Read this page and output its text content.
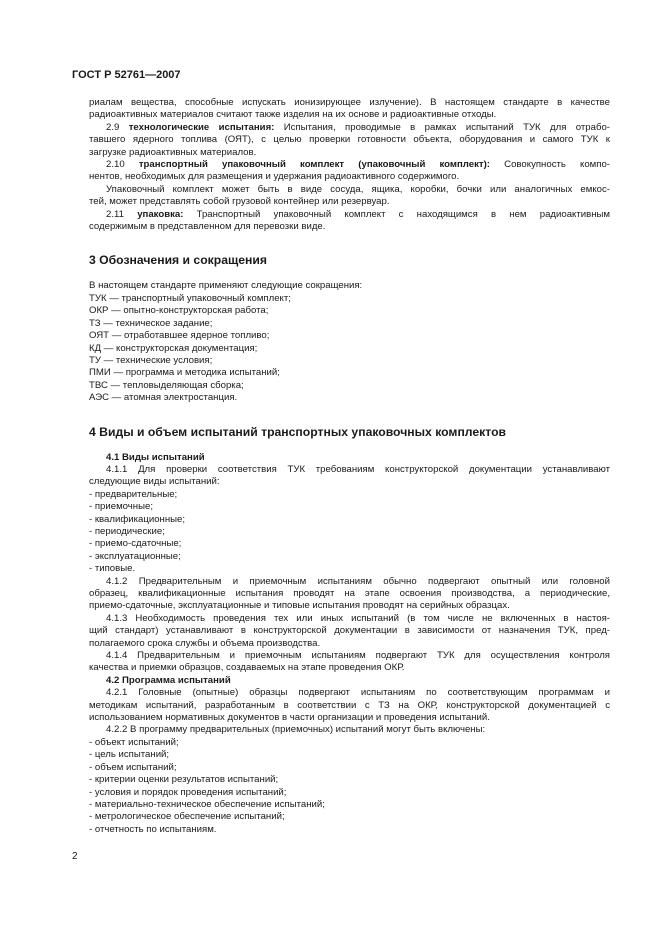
ГОСТ Р 52761—2007

риалам вещества, способные испускать ионизирующее излучение). В настоящем стандарте в качестве
радиоактивных материалов считают также изделия на их основе и радиоактивные отходы.

2.9 технологические испытания: Испытания, проводимые в рамках испытаний ТУК для отрабо-
тавшего ядерного топлива (ОЯТ), с целью проверки готовности объекта, оборудования и самого ТУК к
загрузке радиоактивных материалов.

2.10 транспортный упаковочный комплект (упаковочный комплект): Совокупность компо-
нентов, необходимых для размещения и удержания радиоактивного содержимого.

Упаковочный комплект может быть в виде сосуда, ящика, коробки, бочки или аналогичных емкос-
тей, может представлять собой грузовой контейнер или резервуар.

2.11 упаковка: Транспортный упаковочный комплект с находящимся в нем радиоактивным
содержимым в представленном для перевозки виде.

3 Обозначения и сокращения

В настоящем стандарте применяют следующие сокращения:

ТУК — транспортный упаковочный комплект;
ОКР — опытно-конструкторская работа;
ТЗ — техническое задание;
ОЯТ — отработавшее ядерное топливо;
КД — конструкторская документация;
ТУ — технические условия;
ПМИ — программа и методика испытаний;
ТВС — тепловыделяющая сборка;
АЭС — атомная электростанция.
4 Виды и объем испытаний транспортных упаковочных комплектов
4.1 Виды испытаний

4.1.1 Для проверки соответствия ТУК требованиям конструкторской документации устанавливают
следующие виды испытаний:

- предварительные;
- приемочные;
- квалификационные;
- периодические;
- приемо-сдаточные;
- эксплуатационные;
- типовые.

4.1.2 Предварительным и приемочным испытаниям обычно подвергают опытный или головной
образец, квалификационные испытания проводят на этапе освоения производства, а периодические,
приемо-сдаточные, эксплуатационные и типовые испытания проводят на серийных образцах.

4.1.3 Необходимость проведения тех или иных испытаний (в том числе не включенных в настоя-
щий стандарт) устанавливают в конструкторской документации в зависимости от назначения ТУК, пред-
полагаемого срока службы и объема производства.

4.1.4 Предварительным и приемочным испытаниям подвергают ТУК для осуществления контроля
качества и приемки образцов, создаваемых на этапе проведения ОКР.

4.2 Программа испытаний

4.2.1 Головные (опытные) образцы подвергают испытаниям по соответствующим программам и
методикам испытаний, разработанным в соответствии с ТЗ на ОКР, конструкторской документацией с
использованием нормативных документов в части организации и проведения испытаний.

4.2.2 В программу предварительных (приемочных) испытаний могут быть включены:

- объект испытаний;
- цель испытаний;
- объем испытаний;
- критерии оценки результатов испытаний;
- условия и порядок проведения испытаний;
- материально-техническое обеспечение испытаний;
- метрологическое обеспечение испытаний;
- отчетность по испытаниям.
2
